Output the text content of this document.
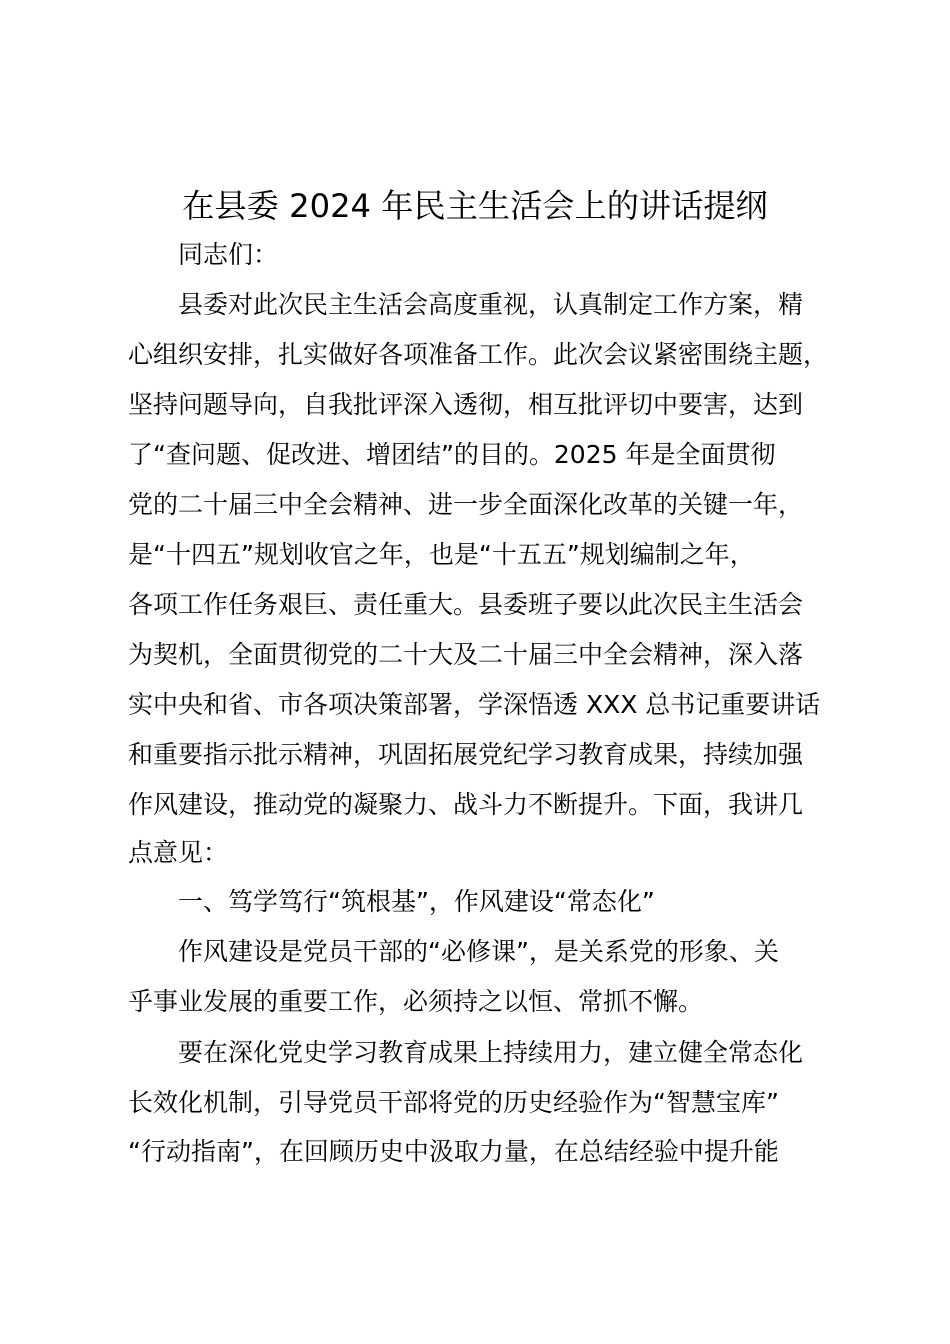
在县委 2024 年民主生活会上的讲话提纲
同志们：
县委对此次民主生活会高度重视，认真制定工作方案，精
心组织安排，扎实做好各项准备工作。此次会议紧密围绕主题，
坚持问题导向，自我批评深入透彻，相互批评切中要害，达到
了“查问题、促改进、增团结”的目的。2025 年是全面贯彻
党的二十届三中全会精神、进一步全面深化改革的关键一年，
是“十四五”规划收官之年，也是“十五五”规划编制之年，
各项工作任务艰巨、责任重大。县委班子要以此次民主生活会
为契机，全面贯彻党的二十大及二十届三中全会精神，深入落
实中央和省、市各项决策部署，学深悟透 XXX 总书记重要讲话
和重要指示批示精神，巩固拓展党纪学习教育成果，持续加强
作风建设，推动党的凝聚力、战斗力不断提升。下面，我讲几
点意见：
一、笃学笃行“筑根基”，作风建设“常态化”
作风建设是党员干部的“必修课”，是关系党的形象、关
乎事业发展的重要工作，必须持之以恒、常抓不懈。
要在深化党史学习教育成果上持续用力，建立健全常态化
长效化机制，引导党员干部将党的历史经验作为“智慧宝库”
“行动指南”，在回顾历史中汲取力量，在总结经验中提升能
